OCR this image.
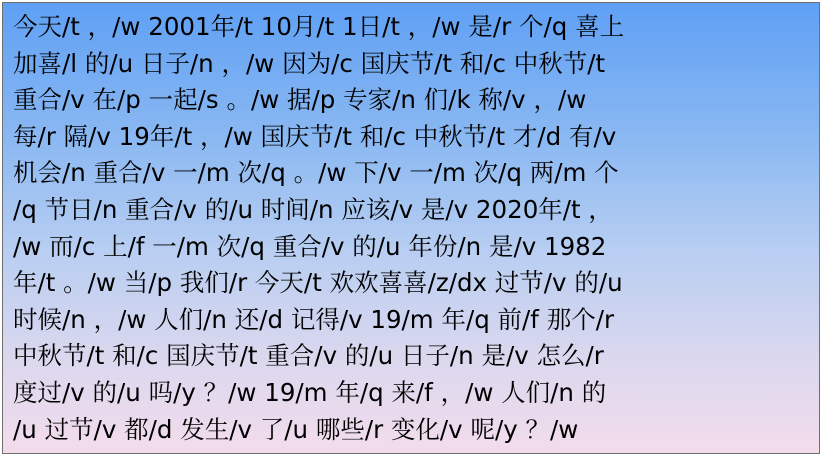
今天/t ，/w 2001年/t 10月/t 1日/t ，/w 是/r 个/q 喜上
加喜/l 的/u 日子/n ，/w 因为/c 国庆节/t 和/c 中秋节/t
重合/v 在/p 一起/s 。/w 据/p 专家/n 们/k 称/v ，/w
每/r 隔/v 19年/t ，/w 国庆节/t 和/c 中秋节/t 才/d 有/v
机会/n 重合/v 一/m 次/q 。/w 下/v 一/m 次/q 两/m 个
/q 节日/n 重合/v 的/u 时间/n 应该/v 是/v 2020年/t ，
/w 而/c 上/f 一/m 次/q 重合/v 的/u 年份/n 是/v 1982
年/t 。/w 当/p 我们/r 今天/t 欢欢喜喜/z/dx 过节/v 的/u
时候/n ，/w 人们/n 还/d 记得/v 19/m 年/q 前/f 那个/r
中秋节/t 和/c 国庆节/t 重合/v 的/u 日子/n 是/v 怎么/r
度过/v 的/u 吗/y ？/w 19/m 年/q 来/f ，/w 人们/n 的
/u 过节/v 都/d 发生/v 了/u 哪些/r 变化/v 呢/y ？/w
